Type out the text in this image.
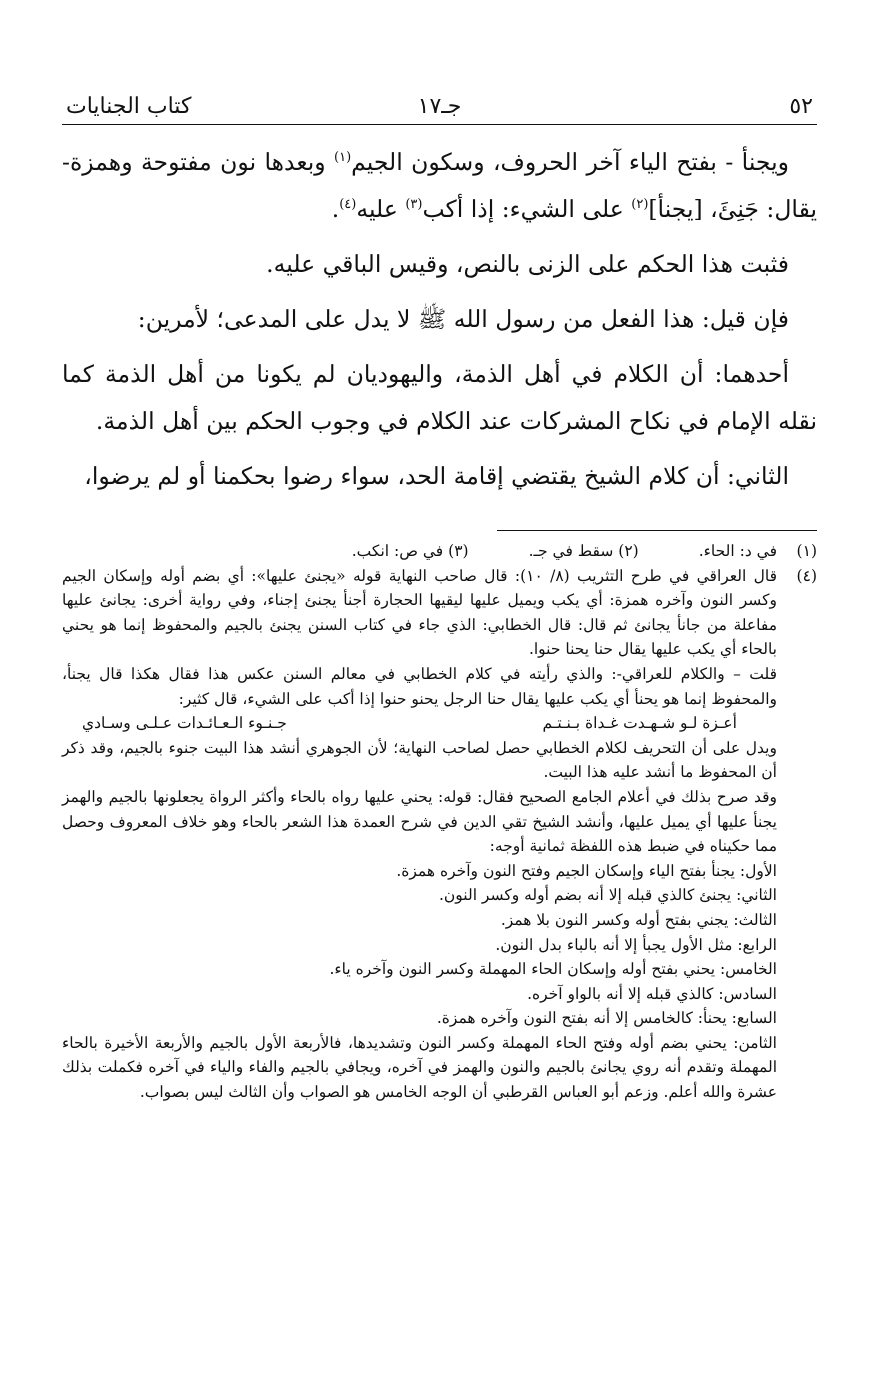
٥٢
جـ١٧
كتاب الجنايات

ويجنأ - بفتح الياء آخر الحروف، وسكون الجيم$^{(١)}$ وبعدها نون مفتوحة وهمزة- يقال: جَنِئَ، [يجنأ]$^{(٢)}$ على الشيء: إذا أكب$^{(٣)}$ عليه$^{(٤)}$.

فثبت هذا الحكم على الزنى بالنص، وقيس الباقي عليه.

فإن قيل: هذا الفعل من رسول الله ﷺ لا يدل على المدعى؛ لأمرين:

أحدهما: أن الكلام في أهل الذمة، واليهوديان لم يكونا من أهل الذمة كما نقله الإمام في نكاح المشركات عند الكلام في وجوب الحكم بين أهل الذمة.

الثاني: أن كلام الشيخ يقتضي إقامة الحد، سواء رضوا بحكمنا أو لم يرضوا،

(١)
في د: الحاء.
(٢) سقط في جـ.
(٣) في ص: انكب.
(٤)

قال العراقي في طرح التثريب (٨/ ١٠): قال صاحب النهاية قوله «يجنئ عليها»: أي بضم أوله وإسكان الجيم وكسر النون وآخره همزة: أي يكب ويميل عليها ليقيها الحجارة أجنأ يجنئ إجناء، وفي رواية أخرى: يجانئ عليها مفاعلة من جانأ يجانئ ثم قال: قال الخطابي: الذي جاء في كتاب السنن يجنئ بالجيم والمحفوظ إنما هو يحني بالحاء أي يكب عليها يقال حنا يحنا حنوا.

قلت – والكلام للعراقي-: والذي رأيته في كلام الخطابي في معالم السنن عكس هذا فقال هكذا قال يجنأ، والمحفوظ إنما هو يحنأ أي يكب عليها يقال حنا الرجل يحنو حنوا إذا أكب على الشيء، قال كثير:

أعـزة لـو شـهـدت غـداة بـنـتـم
جـنـوء الـعـائـدات عـلـى وسـادي

ويدل على أن التحريف لكلام الخطابي حصل لصاحب النهاية؛ لأن الجوهري أنشد هذا البيت جنوء بالجيم، وقد ذكر أن المحفوظ ما أنشد عليه هذا البيت.

وقد صرح بذلك في أعلام الجامع الصحيح فقال: قوله: يحني عليها رواه بالحاء وأكثر الرواة يجعلونها بالجيم والهمز يجنأ عليها أي يميل عليها، وأنشد الشيخ تقي الدين في شرح العمدة هذا الشعر بالحاء وهو خلاف المعروف وحصل مما حكيناه في ضبط هذه اللفظة ثمانية أوجه:

الأول: يجنأ بفتح الياء وإسكان الجيم وفتح النون وآخره همزة.

الثاني: يجنئ كالذي قبله إلا أنه بضم أوله وكسر النون.

الثالث: يجني بفتح أوله وكسر النون بلا همز.

الرابع: مثل الأول يجبأ إلا أنه بالباء بدل النون.

الخامس: يحني بفتح أوله وإسكان الحاء المهملة وكسر النون وآخره ياء.

السادس: كالذي قبله إلا أنه بالواو آخره.

السابع: يحنأ: كالخامس إلا أنه بفتح النون وآخره همزة.

الثامن: يحني بضم أوله وفتح الحاء المهملة وكسر النون وتشديدها، فالأربعة الأول بالجيم والأربعة الأخيرة بالحاء المهملة وتقدم أنه روي يجانئ بالجيم والنون والهمز في آخره، ويجافي بالجيم والفاء والياء في آخره فكملت بذلك عشرة والله أعلم. وزعم أبو العباس القرطبي أن الوجه الخامس هو الصواب وأن الثالث ليس بصواب.
